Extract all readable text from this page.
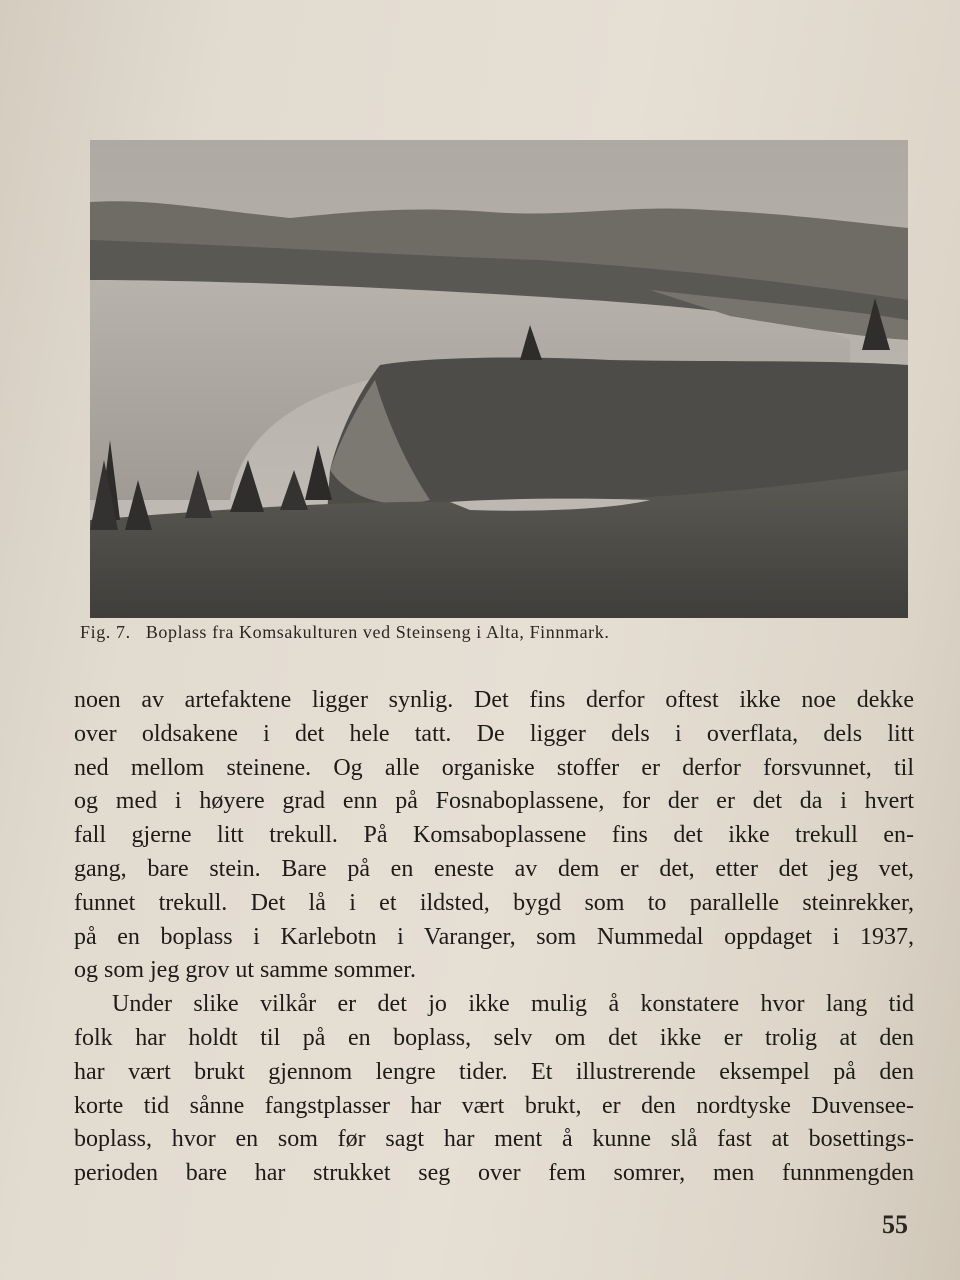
Fig. 7. Boplass fra Komsakulturen ved Steinseng i Alta, Finnmark.
noen av artefaktene ligger synlig. Det fins derfor oftest ikke noe dekke
over oldsakene i det hele tatt. De ligger dels i overflata, dels litt
ned mellom steinene. Og alle organiske stoffer er derfor forsvunnet, til
og med i høyere grad enn på Fosnaboplassene, for der er det da i hvert
fall gjerne litt trekull. På Komsaboplassene fins det ikke trekull en-
gang, bare stein. Bare på en eneste av dem er det, etter det jeg vet,
funnet trekull. Det lå i et ildsted, bygd som to parallelle steinrekker,
på en boplass i Karlebotn i Varanger, som Nummedal oppdaget i 1937,
og som jeg grov ut samme sommer.
Under slike vilkår er det jo ikke mulig å konstatere hvor lang tid
folk har holdt til på en boplass, selv om det ikke er trolig at den
har vært brukt gjennom lengre tider. Et illustrerende eksempel på den
korte tid sånne fangstplasser har vært brukt, er den nordtyske Duvensee-
boplass, hvor en som før sagt har ment å kunne slå fast at bosettings-
perioden bare har strukket seg over fem somrer, men funnmengden
55
